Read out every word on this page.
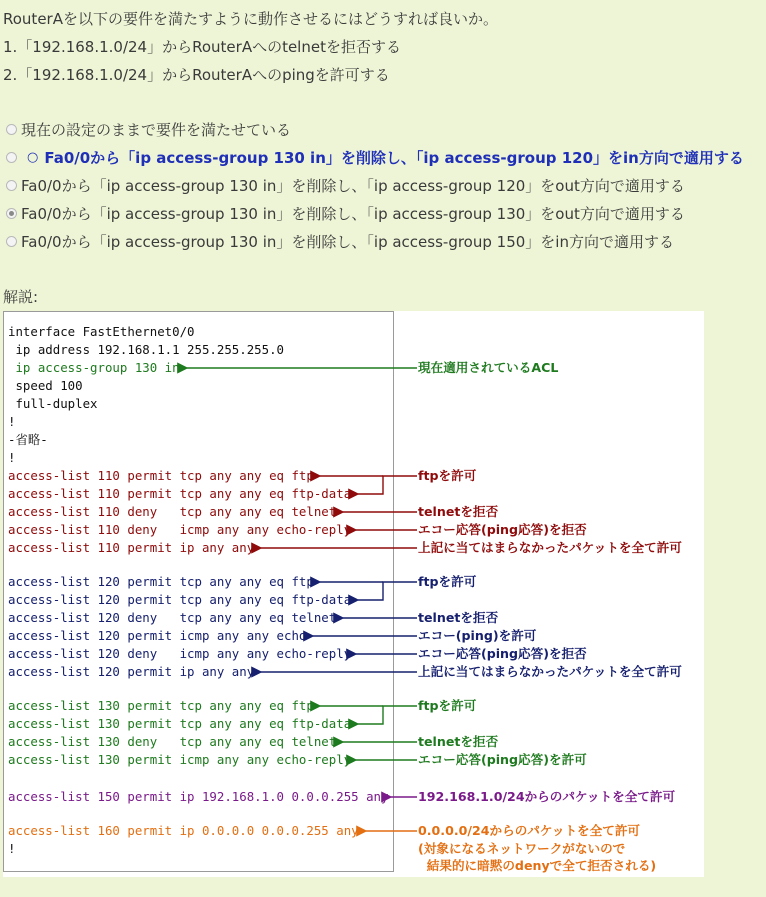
RouterAを以下の要件を満たすように動作させるにはどうすれば良いか。
1.「192.168.1.0/24」からRouterAへのtelnetを拒否する
2.「192.168.1.0/24」からRouterAへのpingを許可する
現在の設定のままで要件を満たせている
○ Fa0/0から「ip access-group 130 in」を削除し、「ip access-group 120」をin方向で適用する
Fa0/0から「ip access-group 130 in」を削除し、「ip access-group 120」をout方向で適用する
Fa0/0から「ip access-group 130 in」を削除し、「ip access-group 130」をout方向で適用する
Fa0/0から「ip access-group 130 in」を削除し、「ip access-group 150」をin方向で適用する
解説:
interface FastEthernet0/0
ip address 192.168.1.1 255.255.255.0
ip access-group 130 in
speed 100
full-duplex
!
-省略-
!
access-list 110 permit tcp any any eq ftp
access-list 110 permit tcp any any eq ftp-data
access-list 110 deny   tcp any any eq telnet
access-list 110 deny   icmp any any echo-reply
access-list 110 permit ip any any
access-list 120 permit tcp any any eq ftp
access-list 120 permit tcp any any eq ftp-data
access-list 120 deny   tcp any any eq telnet
access-list 120 permit icmp any any echo
access-list 120 deny   icmp any any echo-reply
access-list 120 permit ip any any
access-list 130 permit tcp any any eq ftp
access-list 130 permit tcp any any eq ftp-data
access-list 130 deny   tcp any any eq telnet
access-list 130 permit icmp any any echo-reply
access-list 150 permit ip 192.168.1.0 0.0.0.255 any
access-list 160 permit ip 0.0.0.0 0.0.0.255 any
!
現在適用されているACL
ftpを許可
telnetを拒否
エコー応答(ping応答)を拒否
上記に当てはまらなかったパケットを全て許可
ftpを許可
telnetを拒否
エコー(ping)を許可
エコー応答(ping応答)を拒否
上記に当てはまらなかったパケットを全て許可
ftpを許可
telnetを拒否
エコー応答(ping応答)を許可
192.168.1.0/24からのパケットを全て許可
0.0.0.0/24からのパケットを全て許可
(対象になるネットワークがないので
結果的に暗黙のdenyで全て拒否される)
